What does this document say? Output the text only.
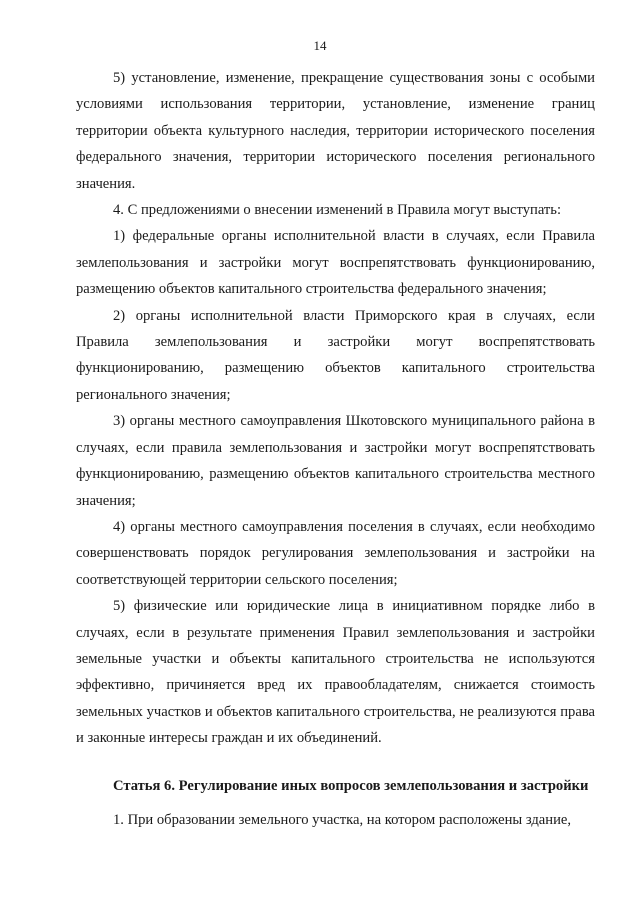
14

5) установление, изменение, прекращение существования зоны с особыми условиями использования территории, установление, изменение границ территории объекта культурного наследия, территории исторического поселения федерального значения, территории исторического поселения регионального значения.

4. С предложениями о внесении изменений в Правила могут выступать:

1) федеральные органы исполнительной власти в случаях, если Правила землепользования и застройки могут воспрепятствовать функционированию, размещению объектов капитального строительства федерального значения;

2) органы исполнительной власти Приморского края в случаях, если Правила землепользования и застройки могут воспрепятствовать функционированию, размещению объектов капитального строительства регионального значения;

3) органы местного самоуправления Шкотовского муниципального района в случаях, если правила землепользования и застройки могут воспрепятствовать функционированию, размещению объектов капитального строительства местного значения;

4) органы местного самоуправления поселения в случаях, если необходимо совершенствовать порядок регулирования землепользования и застройки на соответствующей территории сельского поселения;

5) физические или юридические лица в инициативном порядке либо в случаях, если в результате применения Правил землепользования и застройки земельные участки и объекты капитального строительства не используются эффективно, причиняется вред их правообладателям, снижается стоимость земельных участков и объектов капитального строительства, не реализуются права и законные интересы граждан и их объединений.

Статья 6. Регулирование иных вопросов землепользования и застройки

1. При образовании земельного участка, на котором расположены здание,
